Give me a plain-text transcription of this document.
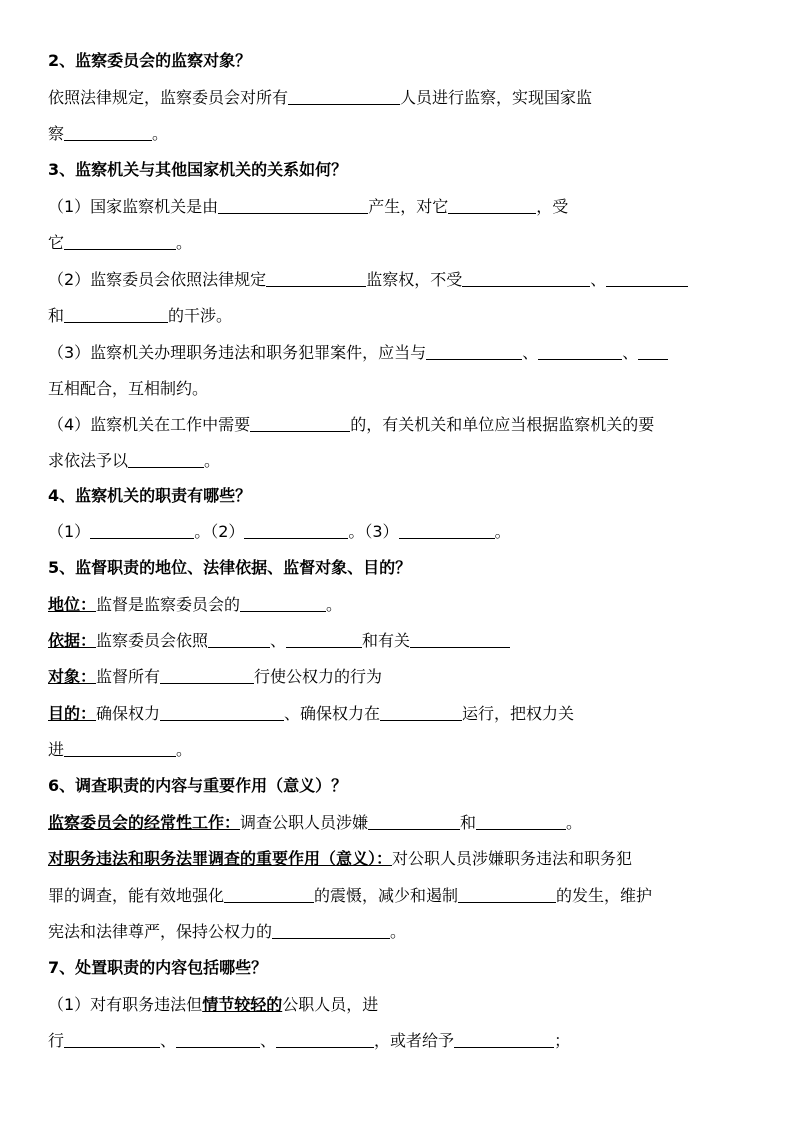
2、监察委员会的监察对象？
依照法律规定，监察委员会对所有	人员进行监察，实现国家监
察	。
3、监察机关与其他国家机关的关系如何？
（1）国家监察机关是由	产生，对它	，受
它	。
（2）监察委员会依照法律规定	监察权，不受	、
和	的干涉。
（3）监察机关办理职务违法和职务犯罪案件，应当与	、	、
互相配合，互相制约。
（4）监察机关在工作中需要	的，有关机关和单位应当根据监察机关的要
求依法予以	。
4、监察机关的职责有哪些？
（1）	。（2）	。（3）	。
5、监督职责的地位、法律依据、监督对象、目的？
地位：监督是监察委员会的	。
依据：监察委员会依照	、	和有关
对象：监督所有	行使公权力的行为
目的：确保权力	、确保权力在	运行，把权力关
进	。
6、调查职责的内容与重要作用（意义）？
监察委员会的经常性工作：调查公职人员涉嫌	和	。
对职务违法和职务法罪调查的重要作用（意义）：对公职人员涉嫌职务违法和职务犯
罪的调查，能有效地强化	的震慑，减少和遏制	的发生，维护
宪法和法律尊严，保持公权力的	。
7、处置职责的内容包括哪些？
（1）对有职务违法但情节较轻的公职人员，进
行	、	、	，或者给予	；
